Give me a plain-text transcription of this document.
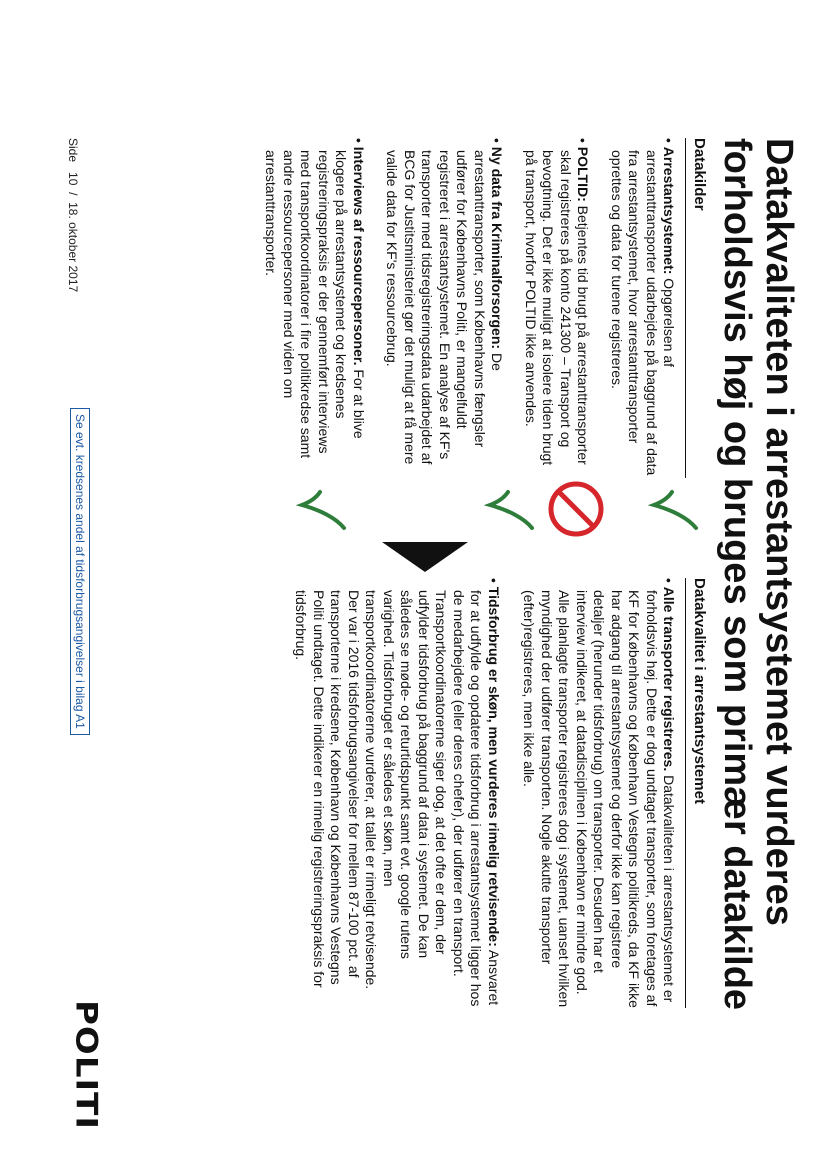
Datakvaliteten i arrestantsystemet vurderes
forholdsvis høj og bruges som primær datakilde
Datakilder
• Arrestantsystemet: Opgørelsen af arrestanttransporter udarbejdes på baggrund af data fra arrestantsystemet, hvor arrestanttransporter oprettes og data for turene registreres.
• POLTID: Betjentes tid brugt på arrestanttransporter skal registreres på konto 241300 – Transport og bevogtning. Det er ikke muligt at isolere tiden brugt på transport, hvorfor POLTID ikke anvendes.
• Ny data fra Kriminalforsorgen: De arrestanttransporter, som Københavns fængsler udfører for Københavns Politi, er mangelfuldt registreret i arrestantsystemet. En analyse af KF's transporter med tidsregistreringsdata udarbejdet af BCG for Justitsministeriet gør det muligt at få mere valide data for KF's ressourcebrug.
• Interviews af ressourcepersoner. For at blive klogere på arrestantsystemet og kredsenes registreringspraksis er der gennemført interviews med transportkoordinatorer i fire politikredse samt andre ressourcepersoner med viden om arrestanttransporter.
Datakvalitet i arrestantsystemet
• Alle transporter registreres. Datakvaliteten i arrestantsystemet er forholdsvis høj. Dette er dog undtaget transporter, som foretages af KF for Københavns og København Vestegns politikreds, da KF ikke har adgang til arrestantsystemet og derfor ikke kan registrere detaljer (herunder tidsforbrug) om transporter. Desuden har et interview indikeret, at datadisciplinen i København er mindre god. Alle planlagte transporter registreres dog i systemet, uanset hvilken myndighed der udfører transporten. Nogle akutte transporter (efter)registreres, men ikke alle.
• Tidsforbrug er skøn, men vurderes rimelig retvisende: Ansvaret for at udfylde og opdatere tidsforbrug i arrestantsystemet ligger hos de medarbejdere (eller deres chefer), der udfører en transport. Transportkoordinatorerne siger dog, at det ofte er dem, der udfylder tidsforbrug på baggrund af data i systemet. De kan således se møde- og returtidspunkt samt evt. google rutens varighed. Tidsforbruget er således et skøn, men transportkoordinatorerne vurderer, at tallet er rimeligt retvisende. Der var i 2016 tidsforbrugsangivelser for mellem 87-100 pct. af transporterne i kredsene, København og Københavns Vestegns Politi undtaget. Dette indikerer en rimelig registreringspraksis for tidsforbrug.
Se evt. kredsenes andel af tidsforbrugsangivelser i bilag A1
Side   10  /  18. oktober 2017
POLITI
